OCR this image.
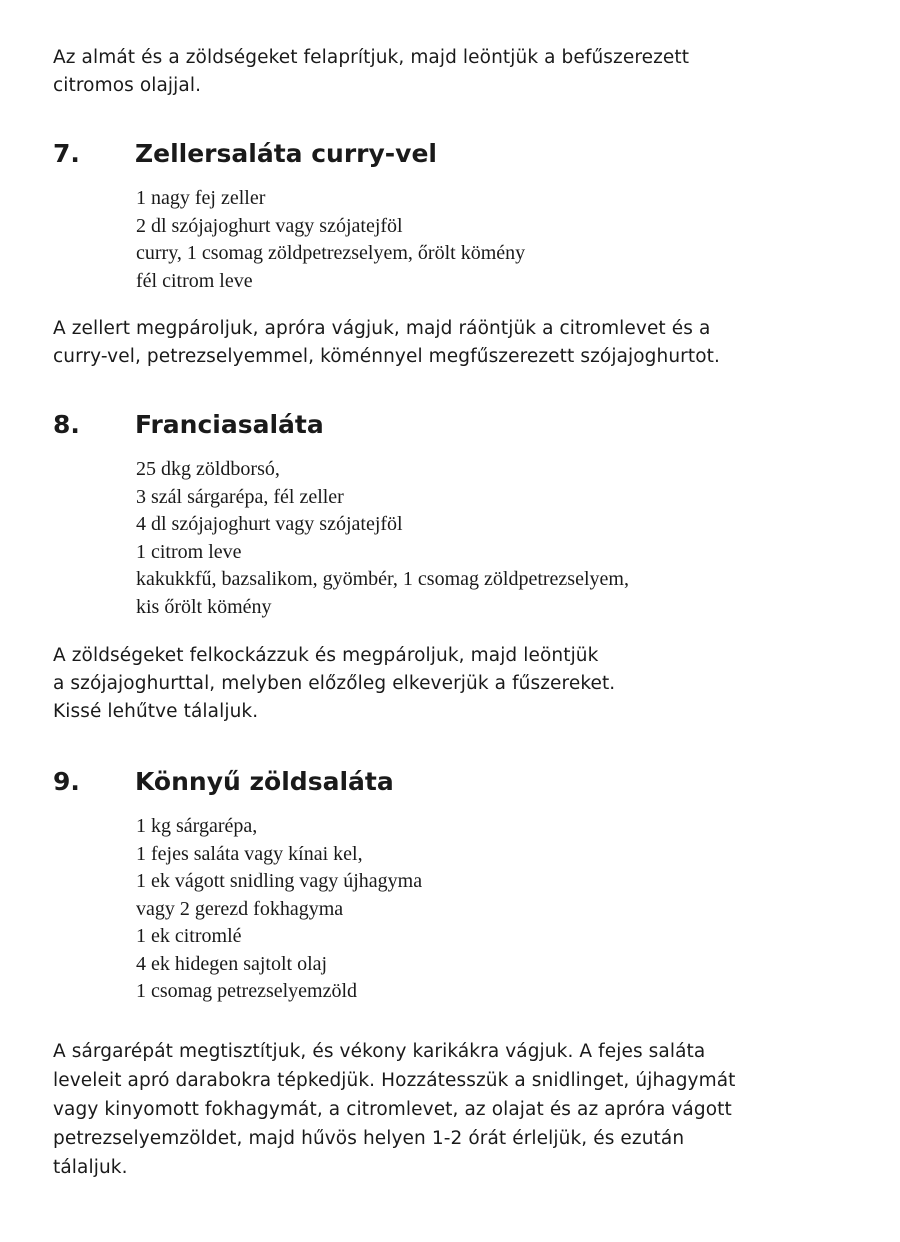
Az almát és a zöldségeket felaprítjuk, majd leöntjük a befűszerezett
citromos olajjal.

7. Zellersaláta curry-vel
1 nagy fej zeller
2 dl szójajoghurt vagy szójatejföl
curry, 1 csomag zöldpetrezselyem, őrölt kömény
fél citrom leve

A zellert megpároljuk, apróra vágjuk, majd ráöntjük a citromlevet és a
curry-vel, petrezselyemmel, köménnyel megfűszerezett szójajoghurtot.

8. Franciasaláta
25 dkg zöldborsó,
3 szál sárgarépa, fél zeller
4 dl szójajoghurt vagy szójatejföl
1 citrom leve
kakukkfű, bazsalikom, gyömbér, 1 csomag zöldpetrezselyem,
kis őrölt kömény

A zöldségeket felkockázzuk és megpároljuk, majd leöntjük
a szójajoghurttal, melyben előzőleg elkeverjük a fűszereket.
Kissé lehűtve tálaljuk.

9. Könnyű zöldsaláta
1 kg sárgarépa,
1 fejes saláta vagy kínai kel,
1 ek vágott snidling vagy újhagyma
vagy 2 gerezd fokhagyma
1 ek citromlé
4 ek hidegen sajtolt olaj
1 csomag petrezselyemzöld

A sárgarépát megtisztítjuk, és vékony karikákra vágjuk. A fejes saláta
leveleit apró darabokra tépkedjük. Hozzátesszük a snidlinget, újhagymát
vagy kinyomott fokhagymát, a citromlevet, az olajat és az apróra vágott
petrezselyemzöldet, majd hűvös helyen 1-2 órát érleljük, és ezután
tálaljuk.
